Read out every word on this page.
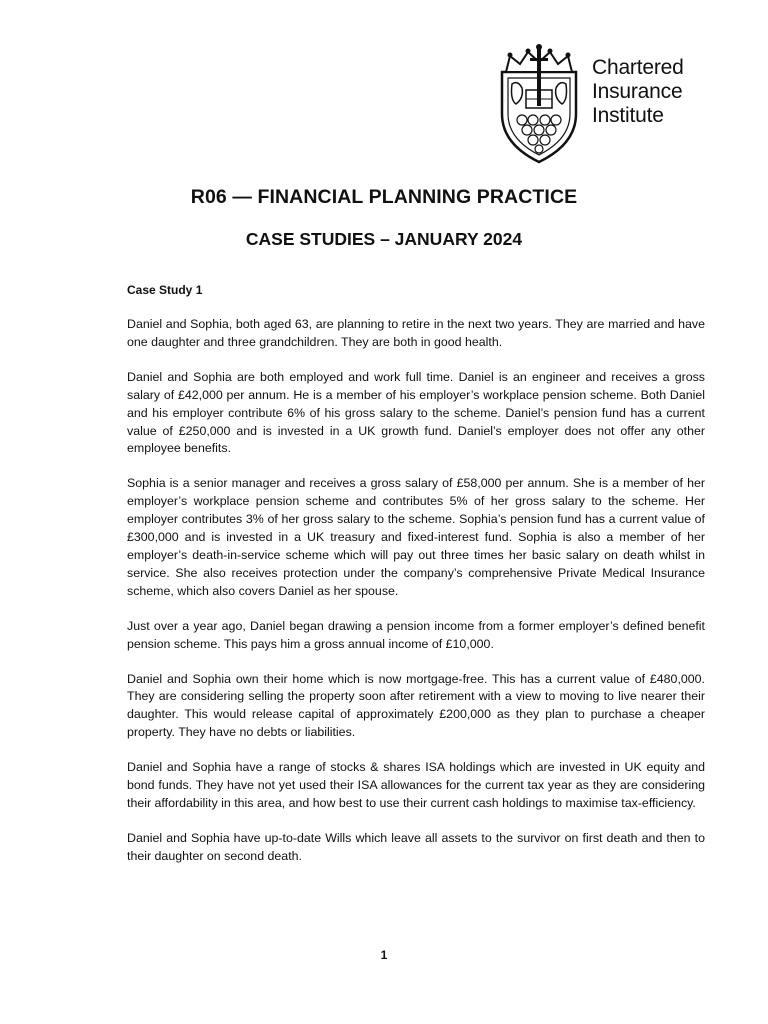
Chartered
Insurance
Institute
R06 — FINANCIAL PLANNING PRACTICE
CASE STUDIES – JANUARY 2024

Case Study 1

Daniel and Sophia, both aged 63, are planning to retire in the next two years. They are married and have one daughter and three grandchildren. They are both in good health.

Daniel and Sophia are both employed and work full time. Daniel is an engineer and receives a gross salary of £42,000 per annum. He is a member of his employer’s workplace pension scheme. Both Daniel and his employer contribute 6% of his gross salary to the scheme. Daniel’s pension fund has a current value of £250,000 and is invested in a UK growth fund. Daniel’s employer does not offer any other employee benefits.

Sophia is a senior manager and receives a gross salary of £58,000 per annum. She is a member of her employer’s workplace pension scheme and contributes 5% of her gross salary to the scheme. Her employer contributes 3% of her gross salary to the scheme. Sophia’s pension fund has a current value of £300,000 and is invested in a UK treasury and fixed-interest fund. Sophia is also a member of her employer’s death-in-service scheme which will pay out three times her basic salary on death whilst in service. She also receives protection under the company’s comprehensive Private Medical Insurance scheme, which also covers Daniel as her spouse.

Just over a year ago, Daniel began drawing a pension income from a former employer’s defined benefit pension scheme. This pays him a gross annual income of £10,000.

Daniel and Sophia own their home which is now mortgage-free. This has a current value of £480,000. They are considering selling the property soon after retirement with a view to moving to live nearer their daughter. This would release capital of approximately £200,000 as they plan to purchase a cheaper property. They have no debts or liabilities.

Daniel and Sophia have a range of stocks & shares ISA holdings which are invested in UK equity and bond funds. They have not yet used their ISA allowances for the current tax year as they are considering their affordability in this area, and how best to use their current cash holdings to maximise tax-efficiency.

Daniel and Sophia have up-to-date Wills which leave all assets to the survivor on first death and then to their daughter on second death.

1
